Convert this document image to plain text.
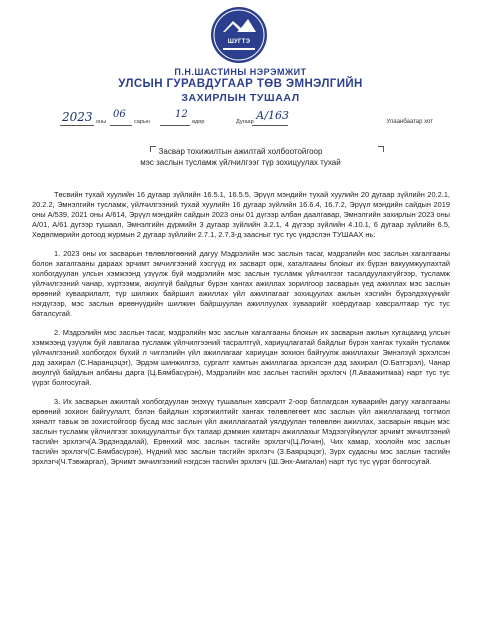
ШУГТЭ
П.Н.ШАСТИНЫ НЭРЭМЖИТ
УЛСЫН ГУРАВДУГААР ТӨВ ЭМНЭЛГИЙН
ЗАХИРЛЫН ТУШААЛ
2023 оны
06
сарын
12
өдөр	Дугаар А/163	Улаанбаатар хот
Засвар тохижилтын ажилтай холбоотойгоор
мэс заслын тусламж үйлчилгээг түр зохицуулах тухай

Төсвийн тухай хуулийн 16 дугаар зүйлийн 16.5.1, 16.5.5, Эрүүл мэндийн тухай хуулийн 20 дугаар зүйлийн 20.2.1, 20.2.2, Эмнэлгийн тусламж, үйлчилгээний тухай хуулийн 16 дугаар зүйлийн 16.6.4, 16.7.2, Эрүүл мэндийн сайдын 2019 оны А/539, 2021 оны А/614, Эрүүл мэндийн сайдын 2023 оны 01 дүгээр албан даалгавар, Эмнэлгийн захирлын 2023 оны А/01, А/61 дүгээр тушаал, Эмнэлгийн дүрмийн 3 дугаар зүйлийн 3.2.1, 4 дүгээр зүйлийн 4.10.1, 6 дугаар зүйлийн 6.5, Хөдөлмөрийн дотоод журмын 2 дугаар зүйлийн 2.7.1, 2.7.3-д заасныг тус тус үндэслэн ТУШААХ нь:

1. 2023 оны их засварын төлөвлөгөөний дагуу Мэдрэлийн мэс заслын тасаг, мэдрэлийн мэс заслын хагалгааны болон хагалгааны дараах эрчимт эмчилгээний хэсгүүд их засварт орж, хагалгааны блокыг их бүрэн вакуумжуулахтай холбогдуулан улсын хэмжээнд үзүүлж буй мэдрэлийн мэс заслын тусламж үйлчилгээг тасалдуулахгүйгээр, тусламж үйлчилгээний чанар, хүртээмж, аюулгүй байдлыг бүрэн хангах ажиллах зорилгоор засварын үед ажиллах мэс заслын өрөөний хуваарилалт, түр шилжих байршил ажиллах үйл ажиллагааг зохицуулах ажлын хэсгийн бүрэлдэхүүнийг нэгдүгээр, мэс заслын өрөөнүүдийн шилжин байршуулан ажиллуулах хуваарийг хоёрдугаар хавсралтаар тус тус баталсугай.

2. Мэдрэлийн мэс заслын тасаг, мэдрэлийн мэс заслын хагалгааны блокын их засварын ажлын хугацаанд улсын хэмжээнд үзүүлж буй лавлагаа тусламж үйлчилгээний тасралтгүй, хариуцлагатай байдлыг бүрэн хангах тухайн тусламж үйлчилгээний холбогдох бүхий л чиглэлийн үйл ажиллагааг хариуцан зохион байгуулж ажиллахыг Эмнэлзүй эрхэлсэн дэд захирал (С.Наранцэцэг), Эрдэм шинжилгээ, сургалт хамтын ажиллагаа эрхэлсэн дэд захирал (О.Батгэрэл), Чанар аюулгүй байдлын албаны дарга (Ц.Бямбасүрэн), Мэдрэлийн мэс заслын тасгийн эрхлэгч (Л.Аваажитмаа) нарт тус тус үүрэг болгосугай.

3. Их засварын ажилтай холбогдуулан энэхүү тушаалын хавсралт 2-оор батлагдсан хуваарийн дагуу хагалгааны өрөөний зохион байгуулалт, бэлэн байдлын хэрэгжилтийг хангах төлөвлөгөөт мэс заслын үйл ажиллагаанд тогтмол хяналт тавьж эв зохистойгоор бусад мэс заслын үйл ажиллагаатай уялдуулан төлөвлөн ажиллах, засварын явцын мэс заслын тусламж үйлчилгээг зохицуулалтыг бүх талаар дэмжин хамтарч ажиллахыг Мэдээгүйжүүлэг эрчимт эмчилгээний тасгийн эрхлэгч(А.Эрдэнэдалай), Ерөнхий мэс заслын тасгийн эрхлэгч(Ц.Лочин), Чих хамар, хоолойн мэс заслын тасгийн эрхлэгч(С.Бямбасүрэн), Нүдний мэс заслын тасгийн эрхлэгч (З.Баярцэцэг), Зүрх судасны мэс заслын тасгийн эрхлэгч(Ч.Тэвжаргал), Эрчимт эмчилгээний нэгдсэн тасгийн эрхлэгч (Ш.Энх-Амгалан) нарт тус тус үүрэг болгосугай.
